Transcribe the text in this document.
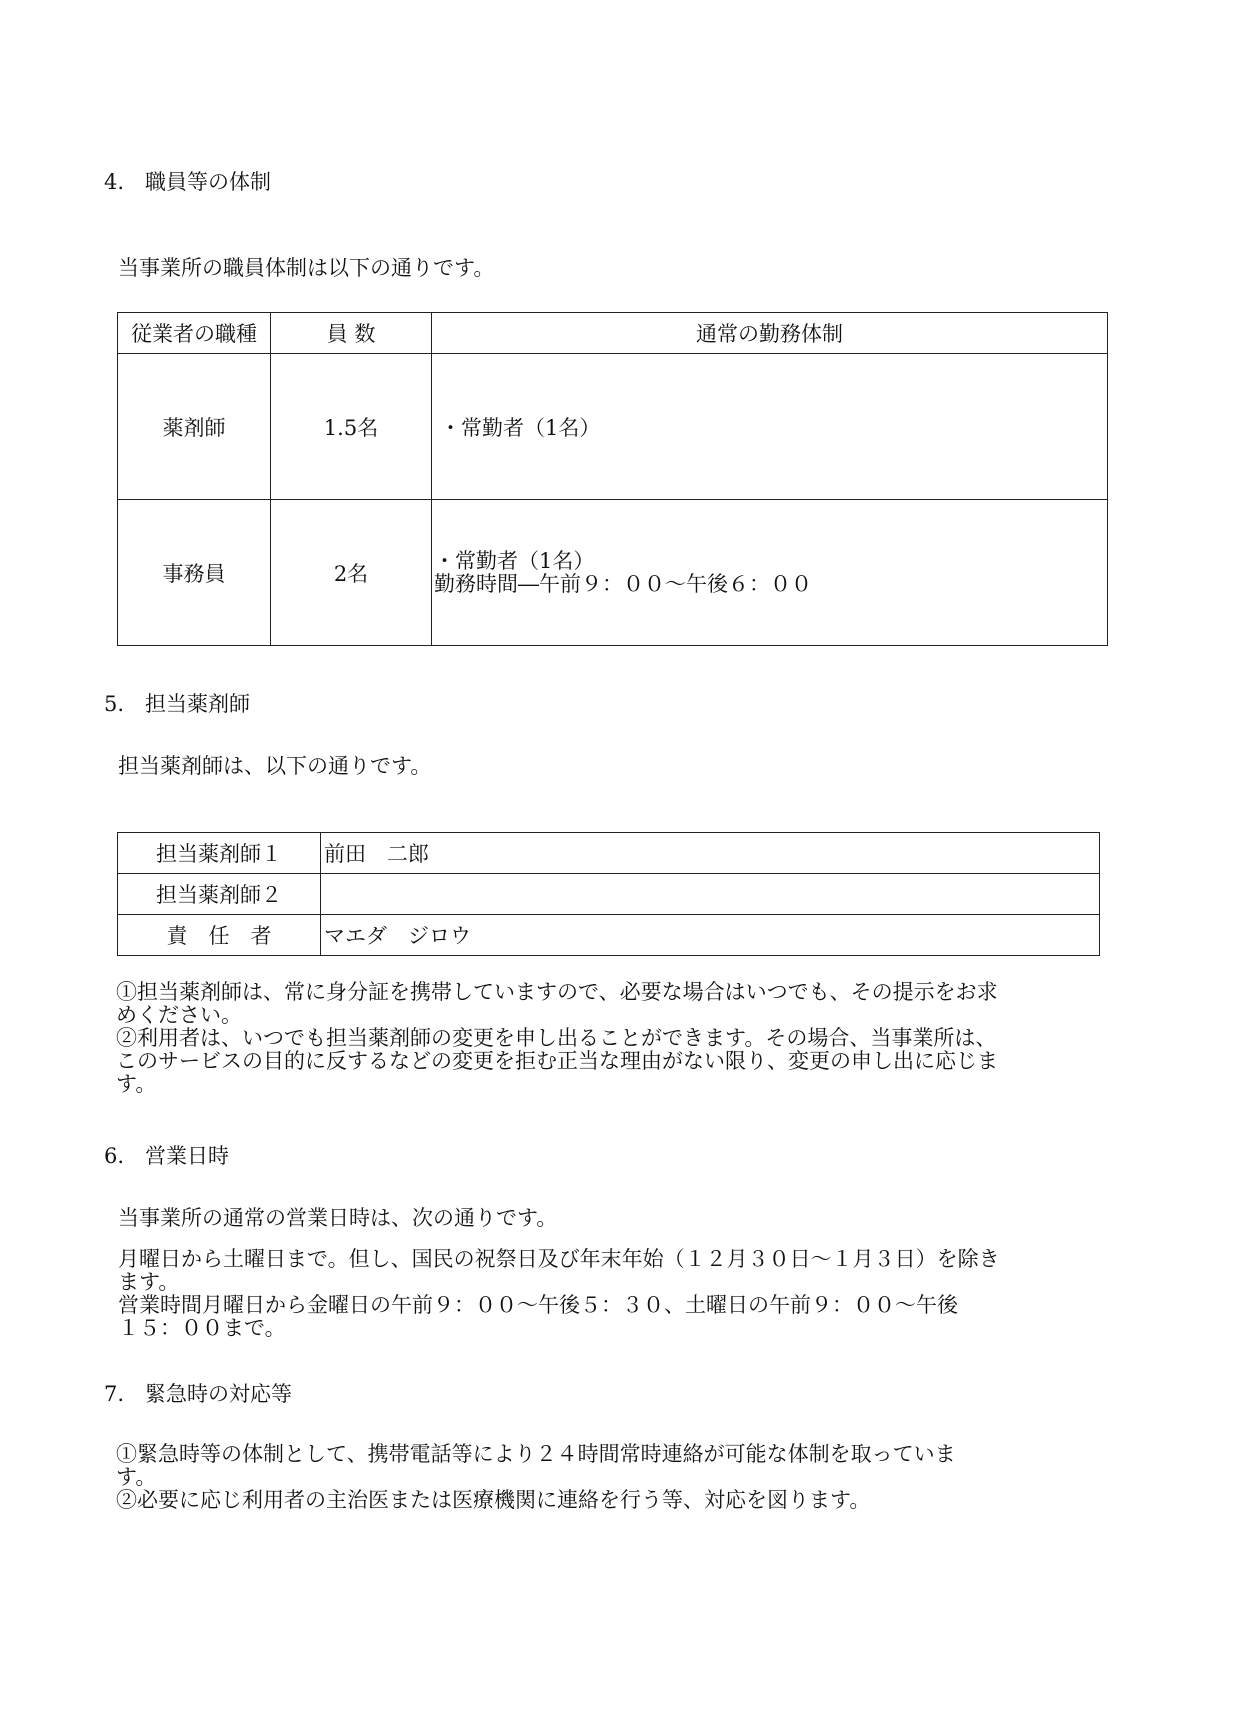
4.　職員等の体制
当事業所の職員体制は以下の通りです。
従業者の職種	員 数	通常の勤務体制
薬剤師	1.5名	・常勤者（1名）

事務員	2名	・常勤者（1名）
勤務時間―午前９：００～午後６：００
5.　担当薬剤師
担当薬剤師は、以下の通りです。
担当薬剤師１	前田　二郎
担当薬剤師２	
責　任　者	マエダ　ジロウ
①担当薬剤師は、常に身分証を携帯していますので、必要な場合はいつでも、その提示をお求
めください。
②利用者は、いつでも担当薬剤師の変更を申し出ることができます。その場合、当事業所は、
このサービスの目的に反するなどの変更を拒む正当な理由がない限り、変更の申し出に応じま
す。
6.　営業日時
当事業所の通常の営業日時は、次の通りです。
月曜日から土曜日まで。但し、国民の祝祭日及び年末年始（１２月３０日～１月３日）を除き
ます。
営業時間月曜日から金曜日の午前９：００～午後５：３０、土曜日の午前９：００～午後
１５：００まで。
7.　緊急時の対応等
①緊急時等の体制として、携帯電話等により２４時間常時連絡が可能な体制を取っていま
す。
②必要に応じ利用者の主治医または医療機関に連絡を行う等、対応を図ります。
